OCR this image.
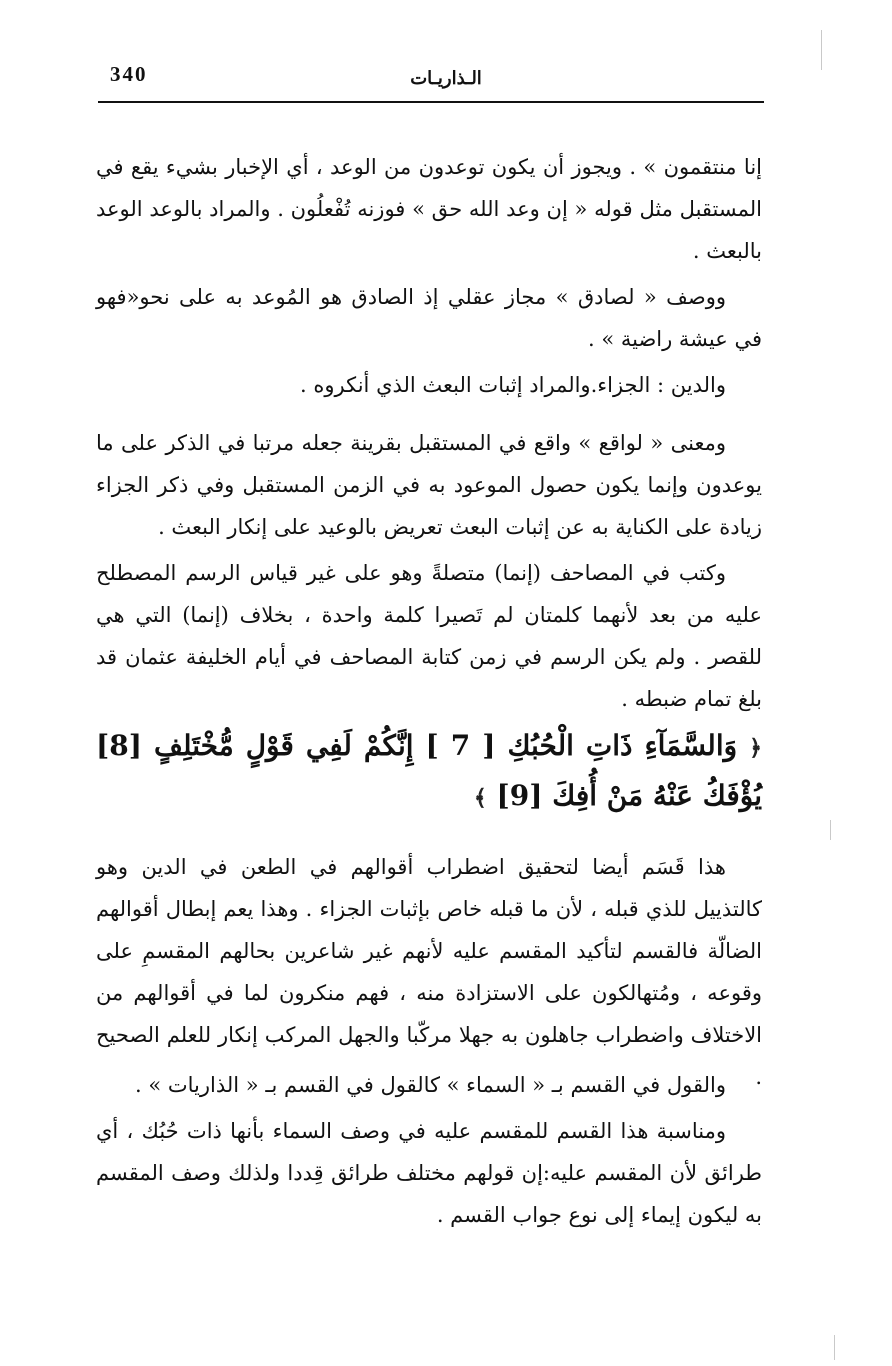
340	الـذاريـات

إنا منتقمون » . ويجوز أن يكون توعدون من الوعد ، أي الإخبار بشيء يقع في المستقبل مثل قوله « إن وعد الله حق » فوزنه تُفْعلُون . والمراد بالوعد الوعد بالبعث .

ووصف « لصادق » مجاز عقلي إذ الصادق هو المُوعد به على نحو«فهو في عيشة راضية » .

والدين : الجزاء.والمراد إثبات البعث الذي أنكروه .

ومعنى « لواقع » واقع في المستقبل بقرينة جعله مرتبا في الذكر على ما يوعدون وإنما يكون حصول الموعود به في الزمن المستقبل وفي ذكر الجزاء زيادة على الكناية به عن إثبات البعث تعريض بالوعيد على إنكار البعث .

وكتب في المصاحف (إنما) متصلةً وهو على غير قياس الرسم المصطلح عليه من بعد لأنهما كلمتان لم تَصيرا كلمة واحدة ، بخلاف (إنما) التي هي للقصر . ولم يكن الرسم في زمن كتابة المصاحف في أيام الخليفة عثمان قد بلغ تمام ضبطه .

﴿ وَالسَّمَآءِ ذَاتِ الْحُبُكِ [ 7 ] إِنَّكُمْ لَفِي قَوْلٍ مُّخْتَلِفٍ [8] يُؤْفَكُ عَنْهُ مَنْ أُفِكَ [9] ﴾

هذا قَسَم أيضا لتحقيق اضطراب أقوالهم في الطعن في الدين وهو كالتذييل للذي قبله ، لأن ما قبله خاص بإثبات الجزاء . وهذا يعم إبطال أقوالهم الضالّة فالقسم لتأكيد المقسم عليه لأنهم غير شاعرين بحالهم المقسمِ على وقوعه ، ومُتهالكون على الاستزادة منه ، فهم منكرون لما في أقوالهم من الاختلاف واضطراب جاهلون به جهلا مركّبا والجهل المركب إنكار للعلم الصحيح .

والقول في القسم بـ « السماء » كالقول في القسم بـ « الذاريات » .

ومناسبة هذا القسم للمقسم عليه في وصف السماء بأنها ذات حُبُك ، أي طرائق لأن المقسم عليه:إن قولهم مختلف طرائق قِددا ولذلك وصف المقسم به ليكون إيماء إلى نوع جواب القسم .
